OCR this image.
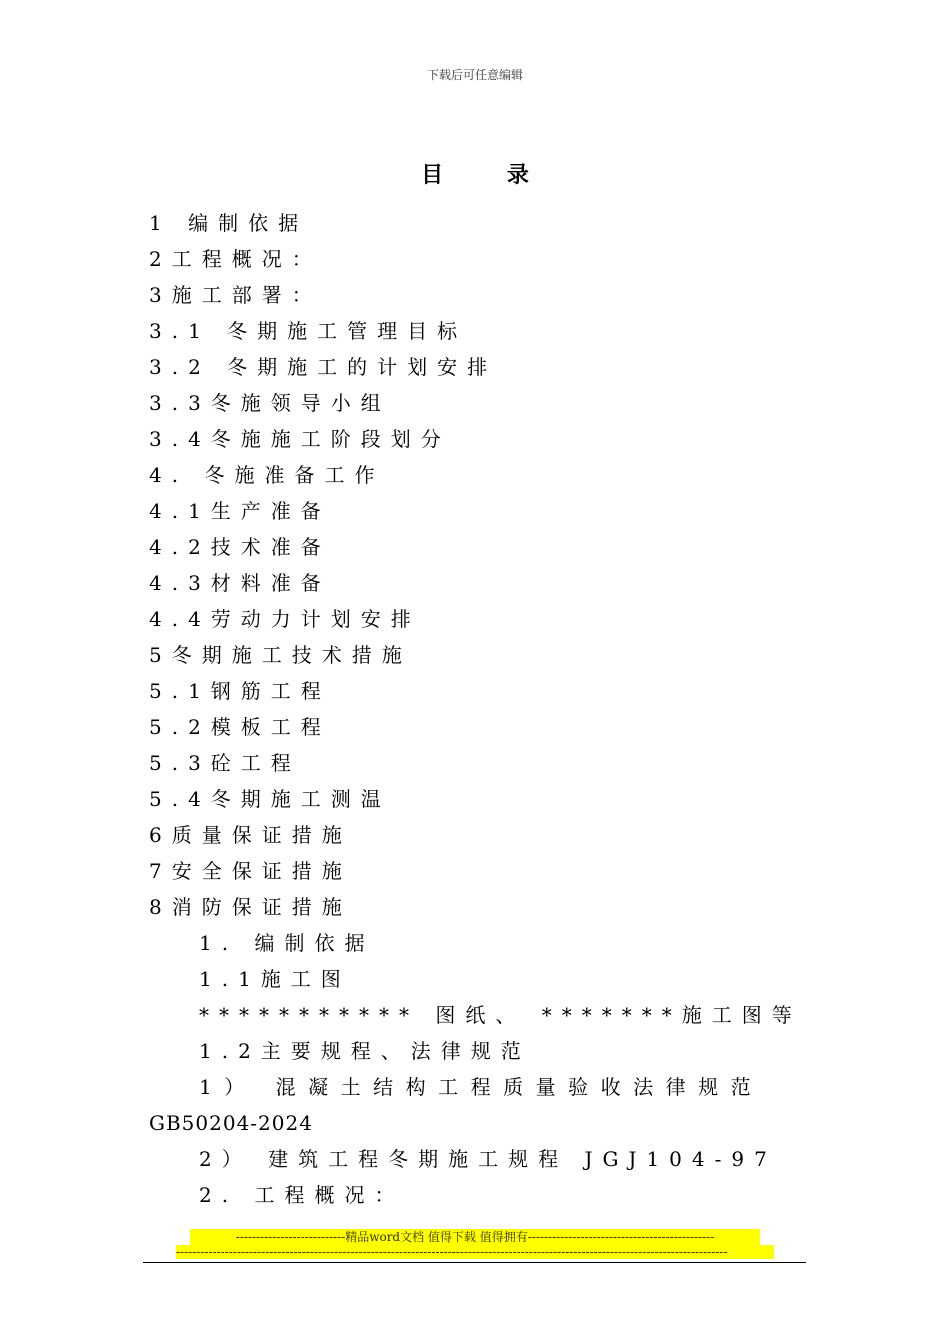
下载后可任意编辑
目 录
1 编制依据
2工程概况：
3施工部署：
3.1 冬期施工管理目标
3.2 冬期施工的计划安排
3.3冬施领导小组
3.4冬施施工阶段划分
4. 冬施准备工作
4.1生产准备
4.2技术准备
4.3材料准备
4.4劳动力计划安排
5冬期施工技术措施
5.1钢筋工程
5.2模板工程
5.3砼工程
5.4冬期施工测温
6质量保证措施
7安全保证措施
8消防保证措施
1. 编制依据
1.1施工图
*********** 图纸、 *******施工图等
1.2主要规程、法律规范
1） 混凝土结构工程质量验收法律规范
GB50204-2024
2） 建筑工程冬期施工规程 JGJ104-97
2. 工程概况：
---------------------------精品word文档 值得下载 值得拥有----------------------------------------------
----------------------------------------------------------------------------------------------------------------------------------------
